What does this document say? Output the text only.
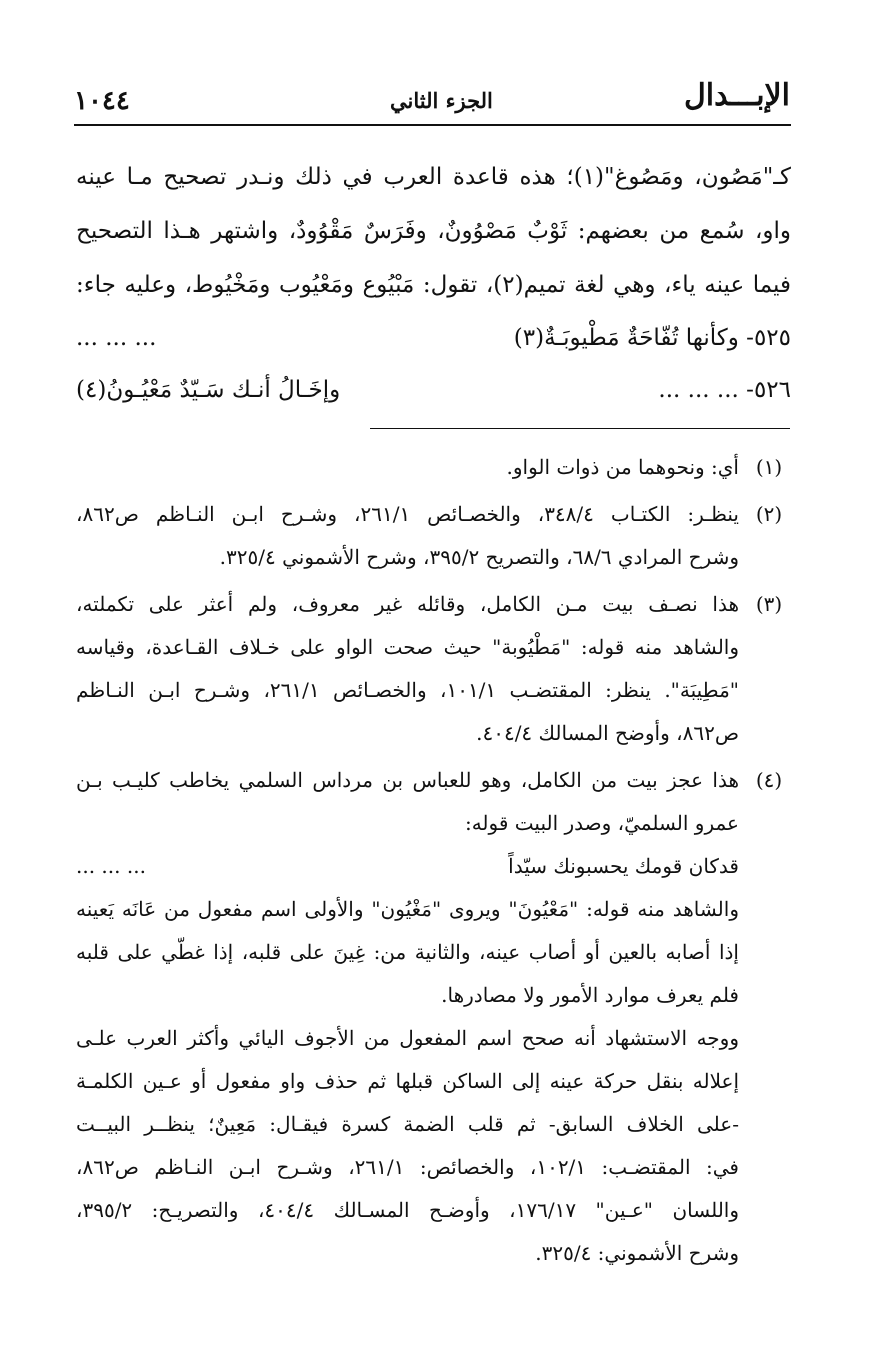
الإبـــدال
الجزء الثاني
١٠٤٤
كـ"مَصُون، ومَصُوغ"(١)؛ هذه قاعدة العرب في ذلك ونـدر تصحيح مـا عينه
واو، سُمع من بعضهم: ثَوْبٌ مَصْوُونٌ، وفَرَسٌ مَقْوُودٌ، واشتهر هـذا التصحيح
فيما عينه ياء، وهي لغة تميم(٢)، تقول: مَبْيُوع ومَعْيُوب ومَخْيُوط، وعليه جاء:
٥٢٥- وكأنها تُفّاحَةٌ مَطْيوبَـةٌ(٣)
... ... ...
٥٢٦- ... ... ...
وإخَـالُ أنـك سَـيّدٌ مَعْيُـونُ(٤)
(١)
أي: ونحوهما من ذوات الواو.
(٢)
ينظـر: الكتـاب ٣٤٨/٤، والخصـائص ٢٦١/١، وشـرح ابـن النـاظم ص٨٦٢،
وشرح المرادي ٦٨/٦، والتصريح ٣٩٥/٢، وشرح الأشموني ٣٢٥/٤.
(٣)
هذا نصـف بيت مـن الكامل، وقائله غير معروف، ولم أعثر على تكملته،
والشاهد منه قوله: "مَطْيُوبة" حيث صحت الواو على خـلاف القـاعدة، وقياسه
"مَطِيبَة". ينظر: المقتضـب ١٠١/١، والخصـائص ٢٦١/١، وشـرح ابـن النـاظم
ص٨٦٢، وأوضح المسالك ٤٠٤/٤.
(٤)
هذا عجز بيت من الكامل، وهو للعباس بن مرداس السلمي يخاطب كليـب بـن
عمرو السلميّ، وصدر البيت قوله:
قدكان قومك يحسبونك سيّداً
... ... ...
والشاهد منه قوله: "مَعْيُونَ" ويروى "مَغْيُون" والأولى اسم مفعول من عَانَه يَعينه
إذا أصابه بالعين أو أصاب عينه، والثانية من: غِينَ على قلبه، إذا غطّي على قلبه
فلم يعرف موارد الأمور ولا مصادرها.
ووجه الاستشهاد أنه صحح اسم المفعول من الأجوف اليائي وأكثر العرب علـى
إعلاله بنقل حركة عينه إلى الساكن قبلها ثم حذف واو مفعول أو عـين الكلمـة
-على الخلاف السابق- ثم قلب الضمة كسرة فيقـال: مَعِينٌ؛ ينظــر البيــت
في: المقتضـب: ١٠٢/١، والخصائص: ٢٦١/١، وشـرح ابـن النـاظم ص٨٦٢،
واللسان "عـين" ١٧٦/١٧، وأوضـح المسـالك ٤٠٤/٤، والتصريـح: ٣٩٥/٢،
وشرح الأشموني: ٣٢٥/٤.
